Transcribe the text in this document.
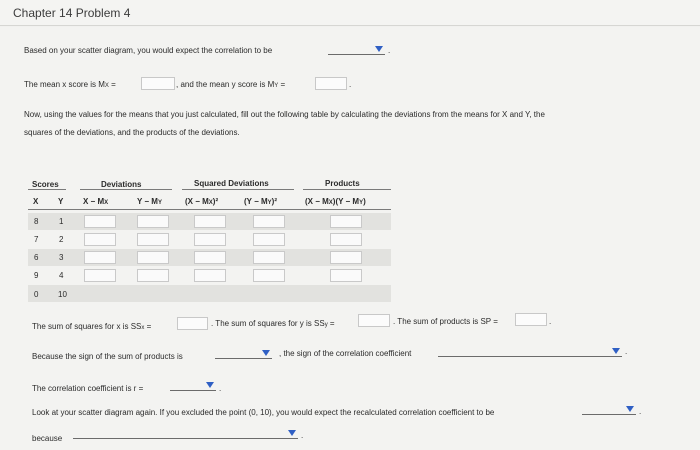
Chapter 14 Problem 4
Based on your scatter diagram, you would expect the correlation to be	.
The mean x score is MX =	, and the mean y score is MY =	.
Now, using the values for the means that you just calculated, fill out the following table by calculating the deviations from the means for X and Y, the
squares of the deviations, and the products of the deviations.
Scores	Deviations	Squared Deviations	Products
X Y X − MX	Y − MY	(X − MX)²	(Y − MY)²	(X − MX)(Y − MY)
8	1
7	2
6	3
9	4
0 10
The sum of squares for x is SSx =	. The sum of squares for y is SSy =	. The sum of products is SP =	.
Because the sign of the sum of products is	, the sign of the correlation coefficient	.
The correlation coefficient is r =	.
Look at your scatter diagram again. If you excluded the point (0, 10), you would expect the recalculated correlation coefficient to be	.
because	.
